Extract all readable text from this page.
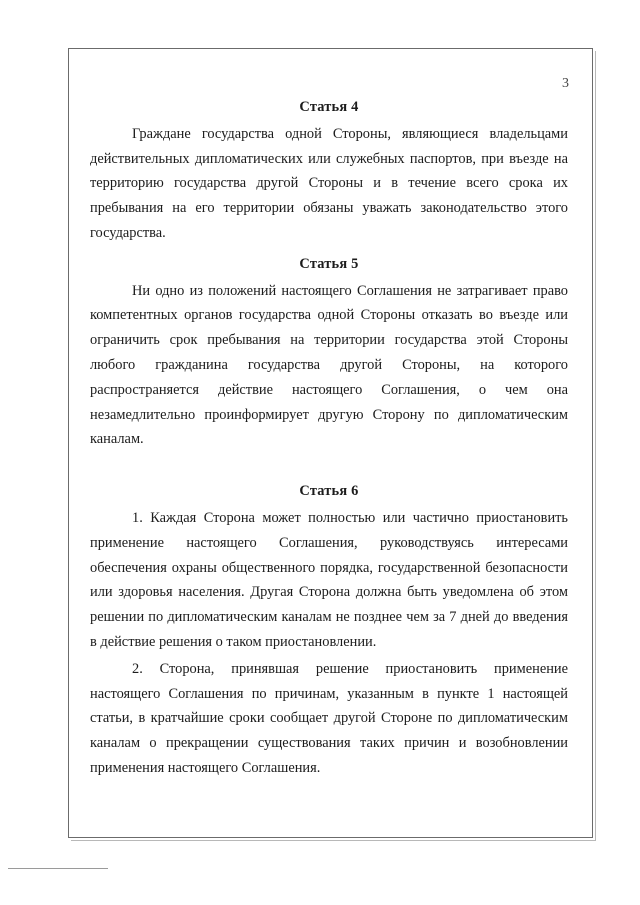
3
Статья 4

Граждане государства одной Стороны, являющиеся владельцами действительных дипломатических или служебных паспортов, при въезде на территорию государства другой Стороны и в течение всего срока их пребывания на его территории обязаны уважать законодательство этого государства.

Статья 5

Ни одно из положений настоящего Соглашения не затрагивает право компетентных органов государства одной Стороны отказать во въезде или ограничить срок пребывания на территории государства этой Стороны любого гражданина государства другой Стороны, на которого распространяется действие настоящего Соглашения, о чем она незамедлительно проинформирует другую Сторону по дипломатическим каналам.

Статья 6

1. Каждая Сторона может полностью или частично приостановить применение настоящего Соглашения, руководствуясь интересами обеспечения охраны общественного порядка, государственной безопасности или здоровья населения. Другая Сторона должна быть уведомлена об этом решении по дипломатическим каналам не позднее чем за 7 дней до введения в действие решения о таком приостановлении.

2. Сторона, принявшая решение приостановить применение настоящего Соглашения по причинам, указанным в пункте 1 настоящей статьи, в кратчайшие сроки сообщает другой Стороне по дипломатическим каналам о прекращении существования таких причин и возобновлении применения настоящего Соглашения.
